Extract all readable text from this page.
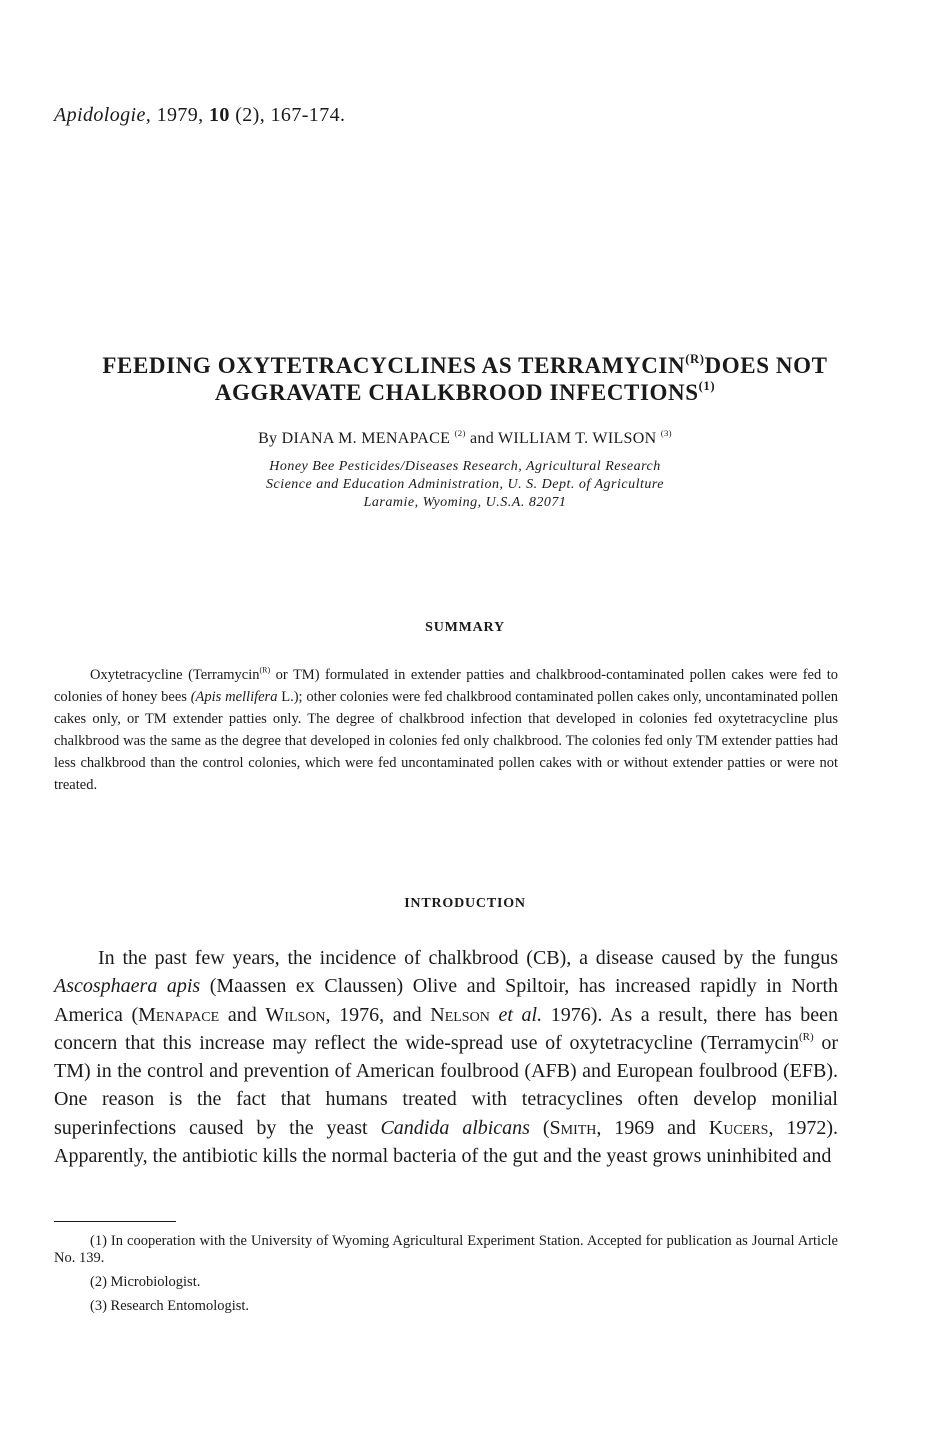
Apidologie, 1979, 10 (2), 167-174.
FEEDING OXYTETRACYCLINES AS $TERRAMYCIN^{(R)}DOES$ NOT
AGGRAVATE CHALKBROOD INFECTIONS$^{(1)}$
By DIANA M. MENAPACE $^{(2)}$ and WILLIAM T. WILSON $^{(3)}$
Honey Bee Pesticides/Diseases Research, Agricultural Research
Science and Education Administration, U. S. Dept. of Agriculture
Laramie, Wyoming, U.S.A. 82071
SUMMARY
Oxytetracycline (Terramycin$^{(R)}$ or TM) formulated in extender patties and chalkbrood-contaminated pollen cakes were fed to colonies of honey bees (Apis mellifera L.); other colonies were fed chalkbrood contaminated pollen cakes only, uncontaminated pollen cakes only, or TM extender patties only. The degree of chalkbrood infection that developed in colonies fed oxytetracycline plus chalkbrood was the same as the degree that developed in colonies fed only chalkbrood. The colonies fed only TM extender patties had less chalkbrood than the control colonies, which were fed uncontaminated pollen cakes with or without extender patties or were not treated.
INTRODUCTION

In the past few years, the incidence of chalkbrood (CB), a disease caused by the fungus Ascosphaera apis (Maassen ex Claussen) Olive and Spiltoir, has increased rapidly in North America (Menapace and Wilson, 1976, and Nelson et al. 1976). As a result, there has been concern that this increase may reflect the wide-spread use of oxytetracycline (Terramycin$^{(R)}$ or TM) in the control and prevention of American foulbrood (AFB) and European foulbrood (EFB). One reason is the fact that humans treated with tetracyclines often develop monilial superinfections caused by the yeast Candida albicans (Smith, 1969 and Kucers, 1972). Apparently, the antibiotic kills the normal bacteria of the gut and the yeast grows uninhibited and

(1) In cooperation with the University of Wyoming Agricultural Experiment Station. Accepted for publication as Journal Article No. 139.

(2) Microbiologist.

(3) Research Entomologist.
